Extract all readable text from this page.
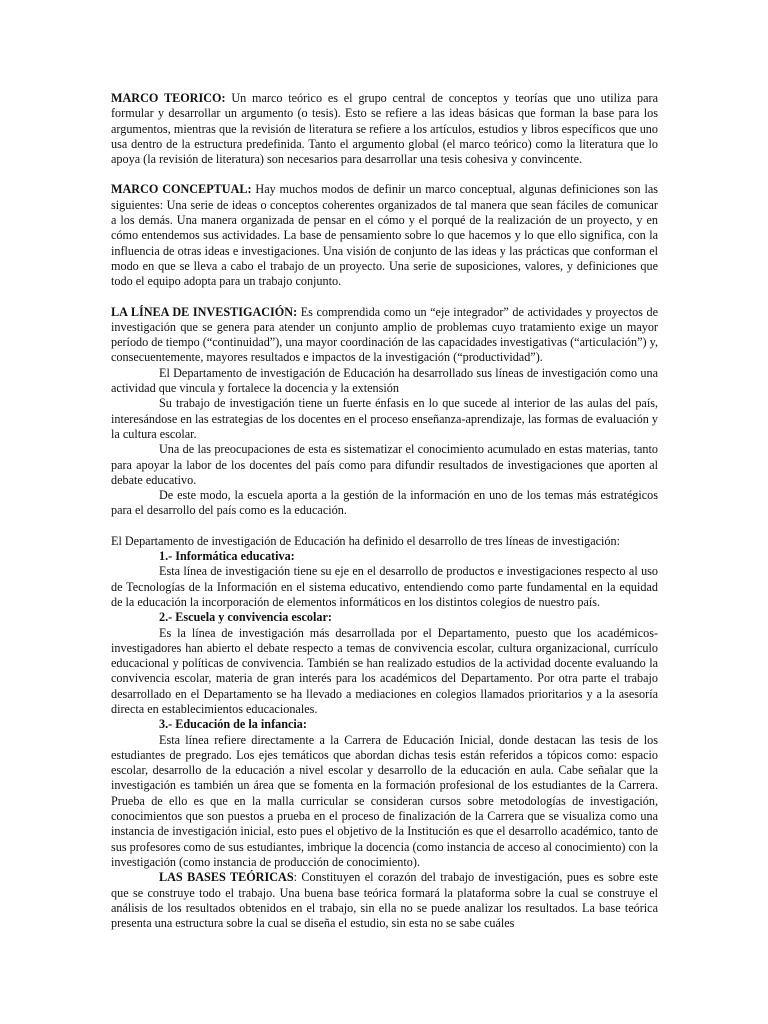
MARCO TEORICO: Un marco teórico es el grupo central de conceptos y teorías que uno utiliza para formular y desarrollar un argumento (o tesis). Esto se refiere a las ideas básicas que forman la base para los argumentos, mientras que la revisión de literatura se refiere a los artículos, estudios y libros específicos que uno usa dentro de la estructura predefinida. Tanto el argumento global (el marco teórico) como la literatura que lo apoya (la revisión de literatura) son necesarios para desarrollar una tesis cohesiva y convincente.

MARCO CONCEPTUAL: Hay muchos modos de definir un marco conceptual, algunas definiciones son las siguientes: Una serie de ideas o conceptos coherentes organizados de tal manera que sean fáciles de comunicar a los demás. Una manera organizada de pensar en el cómo y el porqué de la realización de un proyecto, y en cómo entendemos sus actividades. La base de pensamiento sobre lo que hacemos y lo que ello significa, con la influencia de otras ideas e investigaciones. Una visión de conjunto de las ideas y las prácticas que conforman el modo en que se lleva a cabo el trabajo de un proyecto. Una serie de suposiciones, valores, y definiciones que todo el equipo adopta para un trabajo conjunto.

LA LÍNEA DE INVESTIGACIÓN: Es comprendida como un “eje integrador” de actividades y proyectos de investigación que se genera para atender un conjunto amplio de problemas cuyo tratamiento exige un mayor período de tiempo (“continuidad”), una mayor coordinación de las capacidades investigativas (“articulación”) y, consecuentemente, mayores resultados e impactos de la investigación (“productividad”).

El Departamento de investigación de Educación ha desarrollado sus líneas de investigación como una actividad que vincula y fortalece la docencia y la extensión

Su trabajo de investigación tiene un fuerte énfasis en lo que sucede al interior de las aulas del país, interesándose en las estrategias de los docentes en el proceso enseñanza-aprendizaje, las formas de evaluación y la cultura escolar.

Una de las preocupaciones de esta es sistematizar el conocimiento acumulado en estas materias, tanto para apoyar la labor de los docentes del país como para difundir resultados de investigaciones que aporten al debate educativo.

De este modo, la escuela aporta a la gestión de la información en uno de los temas más estratégicos para el desarrollo del país como es la educación.

El Departamento de investigación de Educación ha definido el desarrollo de tres líneas de investigación:

1.- Informática educativa:

Esta línea de investigación tiene su eje en el desarrollo de productos e investigaciones respecto al uso de Tecnologías de la Información en el sistema educativo, entendiendo como parte fundamental en la equidad de la educación la incorporación de elementos informáticos en los distintos colegios de nuestro país.

2.- Escuela y convivencia escolar:

Es la línea de investigación más desarrollada por el Departamento, puesto que los académicos-investigadores han abierto el debate respecto a temas de convivencia escolar, cultura organizacional, currículo educacional y políticas de convivencia. También se han realizado estudios de la actividad docente evaluando la convivencia escolar, materia de gran interés para los académicos del Departamento. Por otra parte el trabajo desarrollado en el Departamento se ha llevado a mediaciones en colegios llamados prioritarios y a la asesoría directa en establecimientos educacionales.

3.- Educación de la infancia:

Esta línea refiere directamente a la Carrera de Educación Inicial, donde destacan las tesis de los estudiantes de pregrado. Los ejes temáticos que abordan dichas tesis están referidos a tópicos como: espacio escolar, desarrollo de la educación a nivel escolar y desarrollo de la educación en aula. Cabe señalar que la investigación es también un área que se fomenta en la formación profesional de los estudiantes de la Carrera. Prueba de ello es que en la malla curricular se consideran cursos sobre metodologías de investigación, conocimientos que son puestos a prueba en el proceso de finalización de la Carrera que se visualiza como una instancia de investigación inicial, esto pues el objetivo de la Institución es que el desarrollo académico, tanto de sus profesores como de sus estudiantes, imbrique la docencia (como instancia de acceso al conocimiento) con la investigación (como instancia de producción de conocimiento).

LAS BASES TEÓRICAS: Constituyen el corazón del trabajo de investigación, pues es sobre este que se construye todo el trabajo. Una buena base teórica formará la plataforma sobre la cual se construye el análisis de los resultados obtenidos en el trabajo, sin ella no se puede analizar los resultados. La base teórica presenta una estructura sobre la cual se diseña el estudio, sin esta no se sabe cuáles
